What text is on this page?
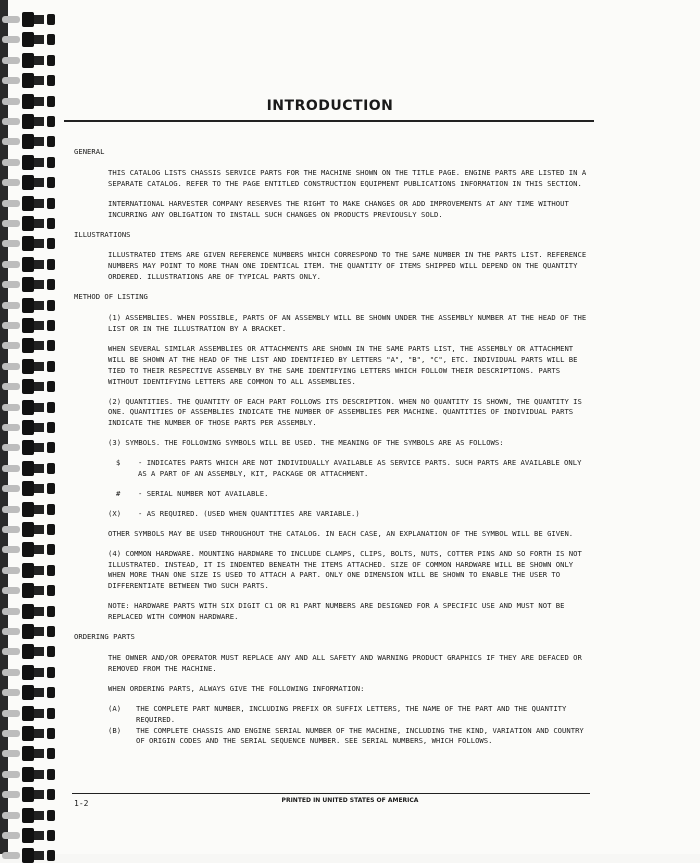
INTRODUCTION
GENERAL
THIS CATALOG LISTS CHASSIS SERVICE PARTS FOR THE MACHINE SHOWN ON THE TITLE PAGE. ENGINE PARTS ARE LISTED IN A SEPARATE CATALOG. REFER TO THE PAGE ENTITLED CONSTRUCTION EQUIPMENT PUBLICATIONS INFORMATION IN THIS SECTION.
INTERNATIONAL HARVESTER COMPANY RESERVES THE RIGHT TO MAKE CHANGES OR ADD IMPROVEMENTS AT ANY TIME WITHOUT INCURRING ANY OBLIGATION TO INSTALL SUCH CHANGES ON PRODUCTS PREVIOUSLY SOLD.
ILLUSTRATIONS
ILLUSTRATED ITEMS ARE GIVEN REFERENCE NUMBERS WHICH CORRESPOND TO THE SAME NUMBER IN THE PARTS LIST. REFERENCE NUMBERS MAY POINT TO MORE THAN ONE IDENTICAL ITEM. THE QUANTITY OF ITEMS SHIPPED WILL DEPEND ON THE QUANTITY ORDERED. ILLUSTRATIONS ARE OF TYPICAL PARTS ONLY.
METHOD OF LISTING
(1) ASSEMBLIES. WHEN POSSIBLE, PARTS OF AN ASSEMBLY WILL BE SHOWN UNDER THE ASSEMBLY NUMBER AT THE HEAD OF THE LIST OR IN THE ILLUSTRATION BY A BRACKET.
WHEN SEVERAL SIMILAR ASSEMBLIES OR ATTACHMENTS ARE SHOWN IN THE SAME PARTS LIST, THE ASSEMBLY OR ATTACHMENT WILL BE SHOWN AT THE HEAD OF THE LIST AND IDENTIFIED BY LETTERS "A", "B", "C", ETC. INDIVIDUAL PARTS WILL BE TIED TO THEIR RESPECTIVE ASSEMBLY BY THE SAME IDENTIFYING LETTERS WHICH FOLLOW THEIR DESCRIPTIONS. PARTS WITHOUT IDENTIFYING LETTERS ARE COMMON TO ALL ASSEMBLIES.
(2) QUANTITIES. THE QUANTITY OF EACH PART FOLLOWS ITS DESCRIPTION. WHEN NO QUANTITY IS SHOWN, THE QUANTITY IS ONE. QUANTITIES OF ASSEMBLIES INDICATE THE NUMBER OF ASSEMBLIES PER MACHINE. QUANTITIES OF INDIVIDUAL PARTS INDICATE THE NUMBER OF THOSE PARTS PER ASSEMBLY.
(3) SYMBOLS. THE FOLLOWING SYMBOLS WILL BE USED. THE MEANING OF THE SYMBOLS ARE AS FOLLOWS:
$	- INDICATES PARTS WHICH ARE NOT INDIVIDUALLY AVAILABLE AS SERVICE PARTS. SUCH PARTS ARE AVAILABLE ONLY AS A PART OF AN ASSEMBLY, KIT, PACKAGE OR ATTACHMENT.
#	- SERIAL NUMBER NOT AVAILABLE.
(X)	- AS REQUIRED. (USED WHEN QUANTITIES ARE VARIABLE.)
OTHER SYMBOLS MAY BE USED THROUGHOUT THE CATALOG. IN EACH CASE, AN EXPLANATION OF THE SYMBOL WILL BE GIVEN.
(4) COMMON HARDWARE. MOUNTING HARDWARE TO INCLUDE CLAMPS, CLIPS, BOLTS, NUTS, COTTER PINS AND SO FORTH IS NOT ILLUSTRATED. INSTEAD, IT IS INDENTED BENEATH THE ITEMS ATTACHED. SIZE OF COMMON HARDWARE WILL BE SHOWN ONLY WHEN MORE THAN ONE SIZE IS USED TO ATTACH A PART. ONLY ONE DIMENSION WILL BE SHOWN TO ENABLE THE USER TO DIFFERENTIATE BETWEEN TWO SUCH PARTS.
NOTE: HARDWARE PARTS WITH SIX DIGIT C1 OR R1 PART NUMBERS ARE DESIGNED FOR A SPECIFIC USE AND MUST NOT BE REPLACED WITH COMMON HARDWARE.
ORDERING PARTS
THE OWNER AND/OR OPERATOR MUST REPLACE ANY AND ALL SAFETY AND WARNING PRODUCT GRAPHICS IF THEY ARE DEFACED OR REMOVED FROM THE MACHINE.
WHEN ORDERING PARTS, ALWAYS GIVE THE FOLLOWING INFORMATION:
(A)	THE COMPLETE PART NUMBER, INCLUDING PREFIX OR SUFFIX LETTERS, THE NAME OF THE PART AND THE QUANTITY REQUIRED.
(B)	THE COMPLETE CHASSIS AND ENGINE SERIAL NUMBER OF THE MACHINE, INCLUDING THE KIND, VARIATION AND COUNTRY OF ORIGIN CODES AND THE SERIAL SEQUENCE NUMBER. SEE SERIAL NUMBERS, WHICH FOLLOWS.
PRINTED IN UNITED STATES OF AMERICA
1-2
